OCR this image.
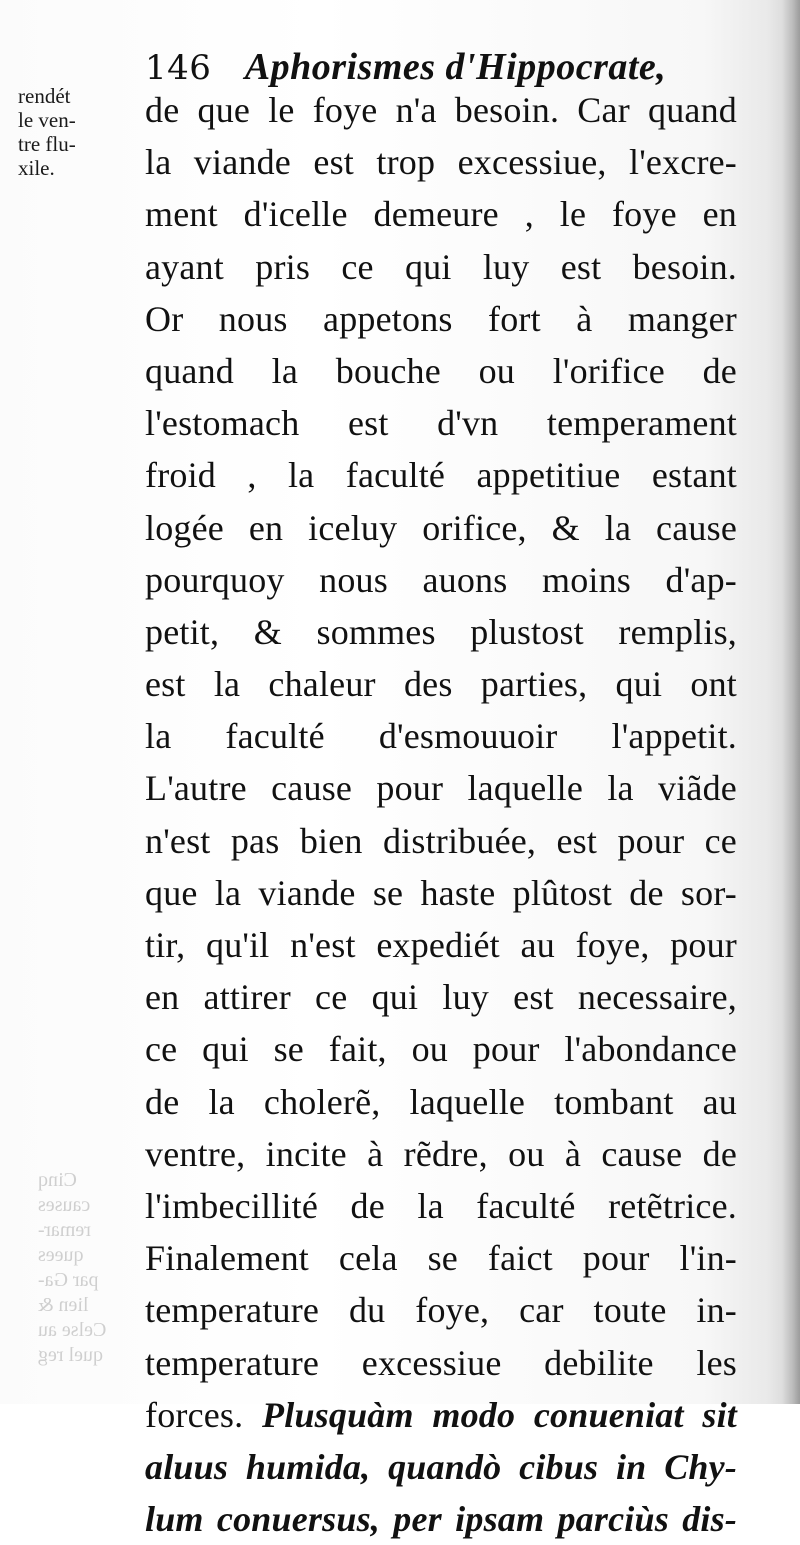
146 Aphorismes d'Hippocrate,
rendét
le ven-
tre flu-
xile.
Cinq
causes
remar-
quees
par Ga-
lien &
Celse au
quel reg
de que le foye n'a besoin. Car quand
la viande est trop excessiue, l'excre-
ment d'icelle demeure , le foye en
ayant pris ce qui luy est besoin.
Or nous appetons fort à manger
quand la bouche ou l'orifice de
l'estomach est d'vn temperament
froid , la faculté appetitiue estant
logée en iceluy orifice, & la cause
pourquoy nous auons moins d'ap-
petit, & sommes plustost remplis,
est la chaleur des parties, qui ont
la faculté d'esmouuoir l'appetit.
L'autre cause pour laquelle la viãde
n'est pas bien distribuée, est pour ce
que la viande se haste plûtost de sor-
tir, qu'il n'est expediét au foye, pour
en attirer ce qui luy est necessaire,
ce qui se fait, ou pour l'abondance
de la cholerẽ, laquelle tombant au
ventre, incite à rẽdre, ou à cause de
l'imbecillité de la faculté retẽtrice.
Finalement cela se faict pour l'in-
temperature du foye, car toute in-
temperature excessiue debilite les
forces. Plusquàm modo conueniat sit
aluus humida, quandò cibus in Chy-
lum conuersus, per ipsam parciùs dis-
